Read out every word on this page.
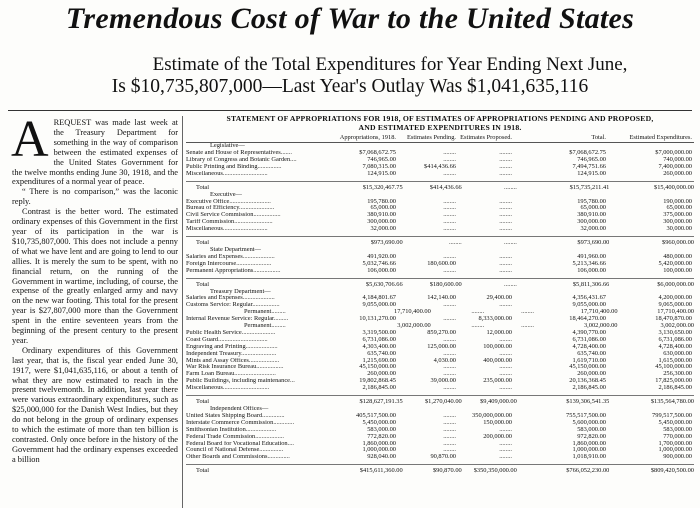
Tremendous Cost of War to the United States
Estimate of the Total Expenditures for Year Ending Next June,
Is $10,735,807,000—Last Year's Outlay Was $1,041,635,116
A REQUEST was made last week at the Treasury Department for something in the way of comparison between the estimated expenses of the United States Government for the twelve months ending June 30, 1918, and the expenditures of a normal year of peace.

“ There is no comparison,” was the laconic reply.

Contrast is the better word. The estimated ordinary expenses of this Government in the first year of its participation in the war is $10,735,807,000. This does not include a penny of what we have lent and are going to lend to our allies. It is merely the sum to be spent, with no financial return, on the running of the Government in wartime, including, of course, the expense of the greatly enlarged army and navy on the new war footing. This total for the present year is $27,807,000 more than the Government spent in the entire seventeen years from the beginning of the present century to the present year.

Ordinary expenditures of this Government last year, that is, the fiscal year ended June 30, 1917, were $1,041,635,116, or about a tenth of what they are now estimated to reach in the present twelvemonth. In addition, last year there were various extraordinary expenditures, such as $25,000,000 for the Danish West Indies, but they do not belong in the group of ordinary expenses to which the estimate of more than ten billion is contrasted. Only once before in the history of the Government had the ordinary expenses exceeded a billion

STATEMENT OF APPROPRIATIONS FOR 1918, OF ESTIMATES OF APPROPRIATIONS PENDING AND PROPOSED,
AND ESTIMATED EXPENDITURES IN 1918.
Appropriations, 1918.	Estimates Pending. Estimates Proposed.	Total.	Estimated Expenditures.
Legislative—
Senate and House of Representatives.......	$7,068,672.75	........	........	$7,068,672.75	$7,000,000.00
Library of Congress and Botanic Garden....	746,965.00	........	........	746,965.00	740,000.00
Public Printing and Binding...............	7,080,315.00	$414,436.66	........	7,494,751.66	7,400,000.00
Miscellaneous............................	124,915.00	........	........	124,915.00	260,000.00
Total	$15,320,467.75	$414,436.66	........	$15,735,211.41	$15,400,000.00
Executive—
Executive Office..........................	195,780.00	........	........	195,780.00	190,000.00
Bureau of Efficiency......................	65,000.00	........	........	65,000.00	65,000.00
Civil Service Commission.................	380,910.00	........	........	380,910.00	375,000.00
Tariff Commission........................	300,000.00	........	........	300,000.00	300,000.00
Miscellaneous............................	32,000.00	........	........	32,000.00	30,000.00
Total	$973,690.00	........	........	$973,690.00	$960,000.00
State Department—
Salaries and Expenses....................	491,920.00	........	........	491,960.00	480,000.00
Foreign Intercourse......................	5,032,746.66	180,600.00	........	5,213,346.66	5,420,000.00
Permanent Appropriations.................	106,000.00	........	........	106,000.00	100,000.00
Total	$5,630,706.66	$180,600.00	........	$5,811,306.66	$6,000,000.00
Treasury Department—
Salaries and Expenses....................	4,184,801.67	142,140.00	29,400.00	4,356,431.67	4,200,000.00
Customs Service: Regular.................	9,055,000.00	........	........	9,055,000.00	9,065,000.00
Permanent.........	17,710,400.00	........	........	17,710,400.00	17,710,400.00
Internal Revenue Service: Regular.........	10,131,270.00	........	8,333,000.00	18,464,270.00	18,470,870.00
Permanent.........	3,002,000.00	........	........	3,002,000.00	3,002,000.00
Public Health Service.....................	3,319,500.00	859,270.00	12,000.00	4,390,770.00	3,130,650.00
Coast Guard...............................	6,731,086.00	........	........	6,731,086.00	6,731,086.00
Engraving and Printing....................	4,303,400.00	125,000.00	100,000.00	4,728,400.00	4,728,400.00
Independent Treasury......................	635,740.00	........	........	635,740.00	630,000.00
Mints and Assay Offices...................	1,215,690.00	4,030.00	400,000.00	1,619,710.00	1,615,000.00
War Risk Insurance Bureau.................	45,150,000.00	........	........	45,150,000.00	45,100,000.00
Farm Loan Bureau..........................	260,000.00	........	........	260,000.00	256,300.00
Public Buildings, including maintenance...	19,802,868.45	39,000.00	235,000.00	20,136,368.45	17,825,000.00
Miscellaneous.............................	2,186,845.00	........	........	2,186,845.00	2,186,845.00
Total	$128,627,191.35	$1,270,040.00	$9,409,000.00	$139,306,541.35	$135,564,780.00
Independent Offices—
United States Shipping Board..............	405,517,500.00	........	350,000,000.00	755,517,500.00	799,517,500.00
Interstate Commerce Commission.............	5,450,000.00	........	150,000.00	5,600,000.00	5,450,000.00
Smithsonian Institution...................	583,000.00	........	........	583,000.00	583,000.00
Federal Trade Commission..................	772,820.00	........	200,000.00	972,820.00	770,000.00
Federal Board for Vocational Education....	1,860,000.00	........	........	1,860,000.00	1,700,000.00
Council of National Defense...............	1,000,000.00	........	........	1,000,000.00	1,000,000.00
Other Boards and Commissions..............	928,040.00	90,870.00	........	1,018,910.00	900,000.00
Total	$415,611,360.00	$90,870.00	$350,350,000.00	$766,052,230.00	$809,420,500.00
